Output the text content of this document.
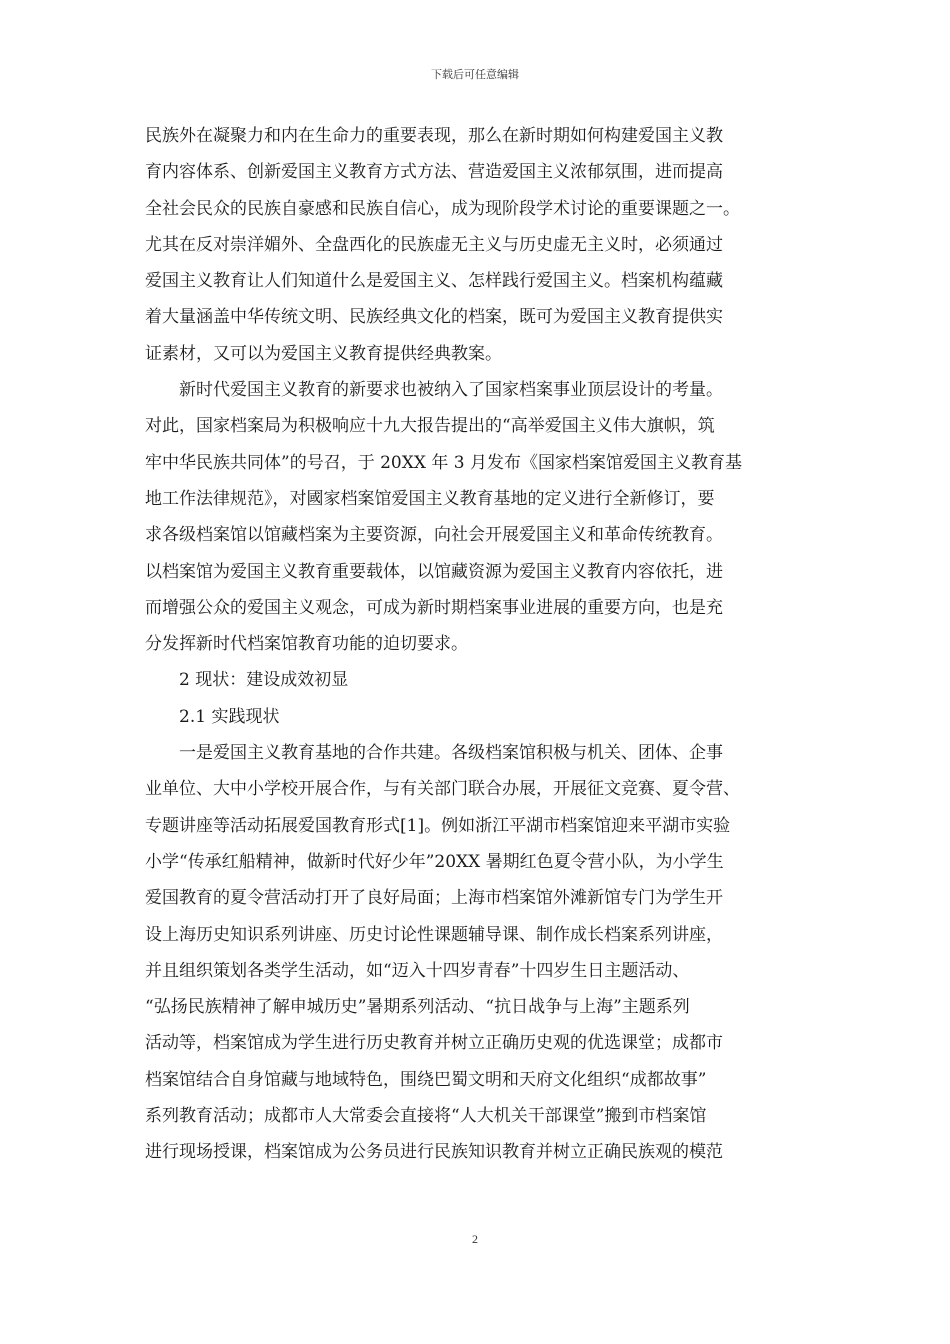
下载后可任意编辑
民族外在凝聚力和内在生命力的重要表现，那么在新时期如何构建爱国主义教
育内容体系、创新爱国主义教育方式方法、营造爱国主义浓郁氛围，进而提高
全社会民众的民族自豪感和民族自信心，成为现阶段学术讨论的重要课题之一。
尤其在反对崇洋媚外、全盘西化的民族虚无主义与历史虚无主义时，必须通过
爱国主义教育让人们知道什么是爱国主义、怎样践行爱国主义。档案机构蕴藏
着大量涵盖中华传统文明、民族经典文化的档案，既可为爱国主义教育提供实
证素材，又可以为爱国主义教育提供经典教案。
新时代爱国主义教育的新要求也被纳入了国家档案事业顶层设计的考量。
对此，国家档案局为积极响应十九大报告提出的“高举爱国主义伟大旗帜，筑
牢中华民族共同体”的号召，于 20XX 年 3 月发布《国家档案馆爱国主义教育基
地工作法律规范》，对國家档案馆爱国主义教育基地的定义进行全新修订，要
求各级档案馆以馆藏档案为主要资源，向社会开展爱国主义和革命传统教育。
以档案馆为爱国主义教育重要载体，以馆藏资源为爱国主义教育内容依托，进
而增强公众的爱国主义观念，可成为新时期档案事业进展的重要方向，也是充
分发挥新时代档案馆教育功能的迫切要求。
2 现状：建设成效初显
2.1 实践现状
一是爱国主义教育基地的合作共建。各级档案馆积极与机关、团体、企事
业单位、大中小学校开展合作，与有关部门联合办展，开展征文竞赛、夏令营、
专题讲座等活动拓展爱国教育形式[1]。例如浙江平湖市档案馆迎来平湖市实验
小学“传承红船精神，做新时代好少年”20XX 暑期红色夏令营小队，为小学生
爱国教育的夏令营活动打开了良好局面；上海市档案馆外滩新馆专门为学生开
设上海历史知识系列讲座、历史讨论性课题辅导课、制作成长档案系列讲座，
并且组织策划各类学生活动，如“迈入十四岁青春”十四岁生日主题活动、
“弘扬民族精神了解申城历史”暑期系列活动、“抗日战争与上海”主题系列
活动等，档案馆成为学生进行历史教育并树立正确历史观的优选课堂；成都市
档案馆结合自身馆藏与地域特色，围绕巴蜀文明和天府文化组织“成都故事”
系列教育活动；成都市人大常委会直接将“人大机关干部课堂”搬到市档案馆
进行现场授课，档案馆成为公务员进行民族知识教育并树立正确民族观的模范
2
